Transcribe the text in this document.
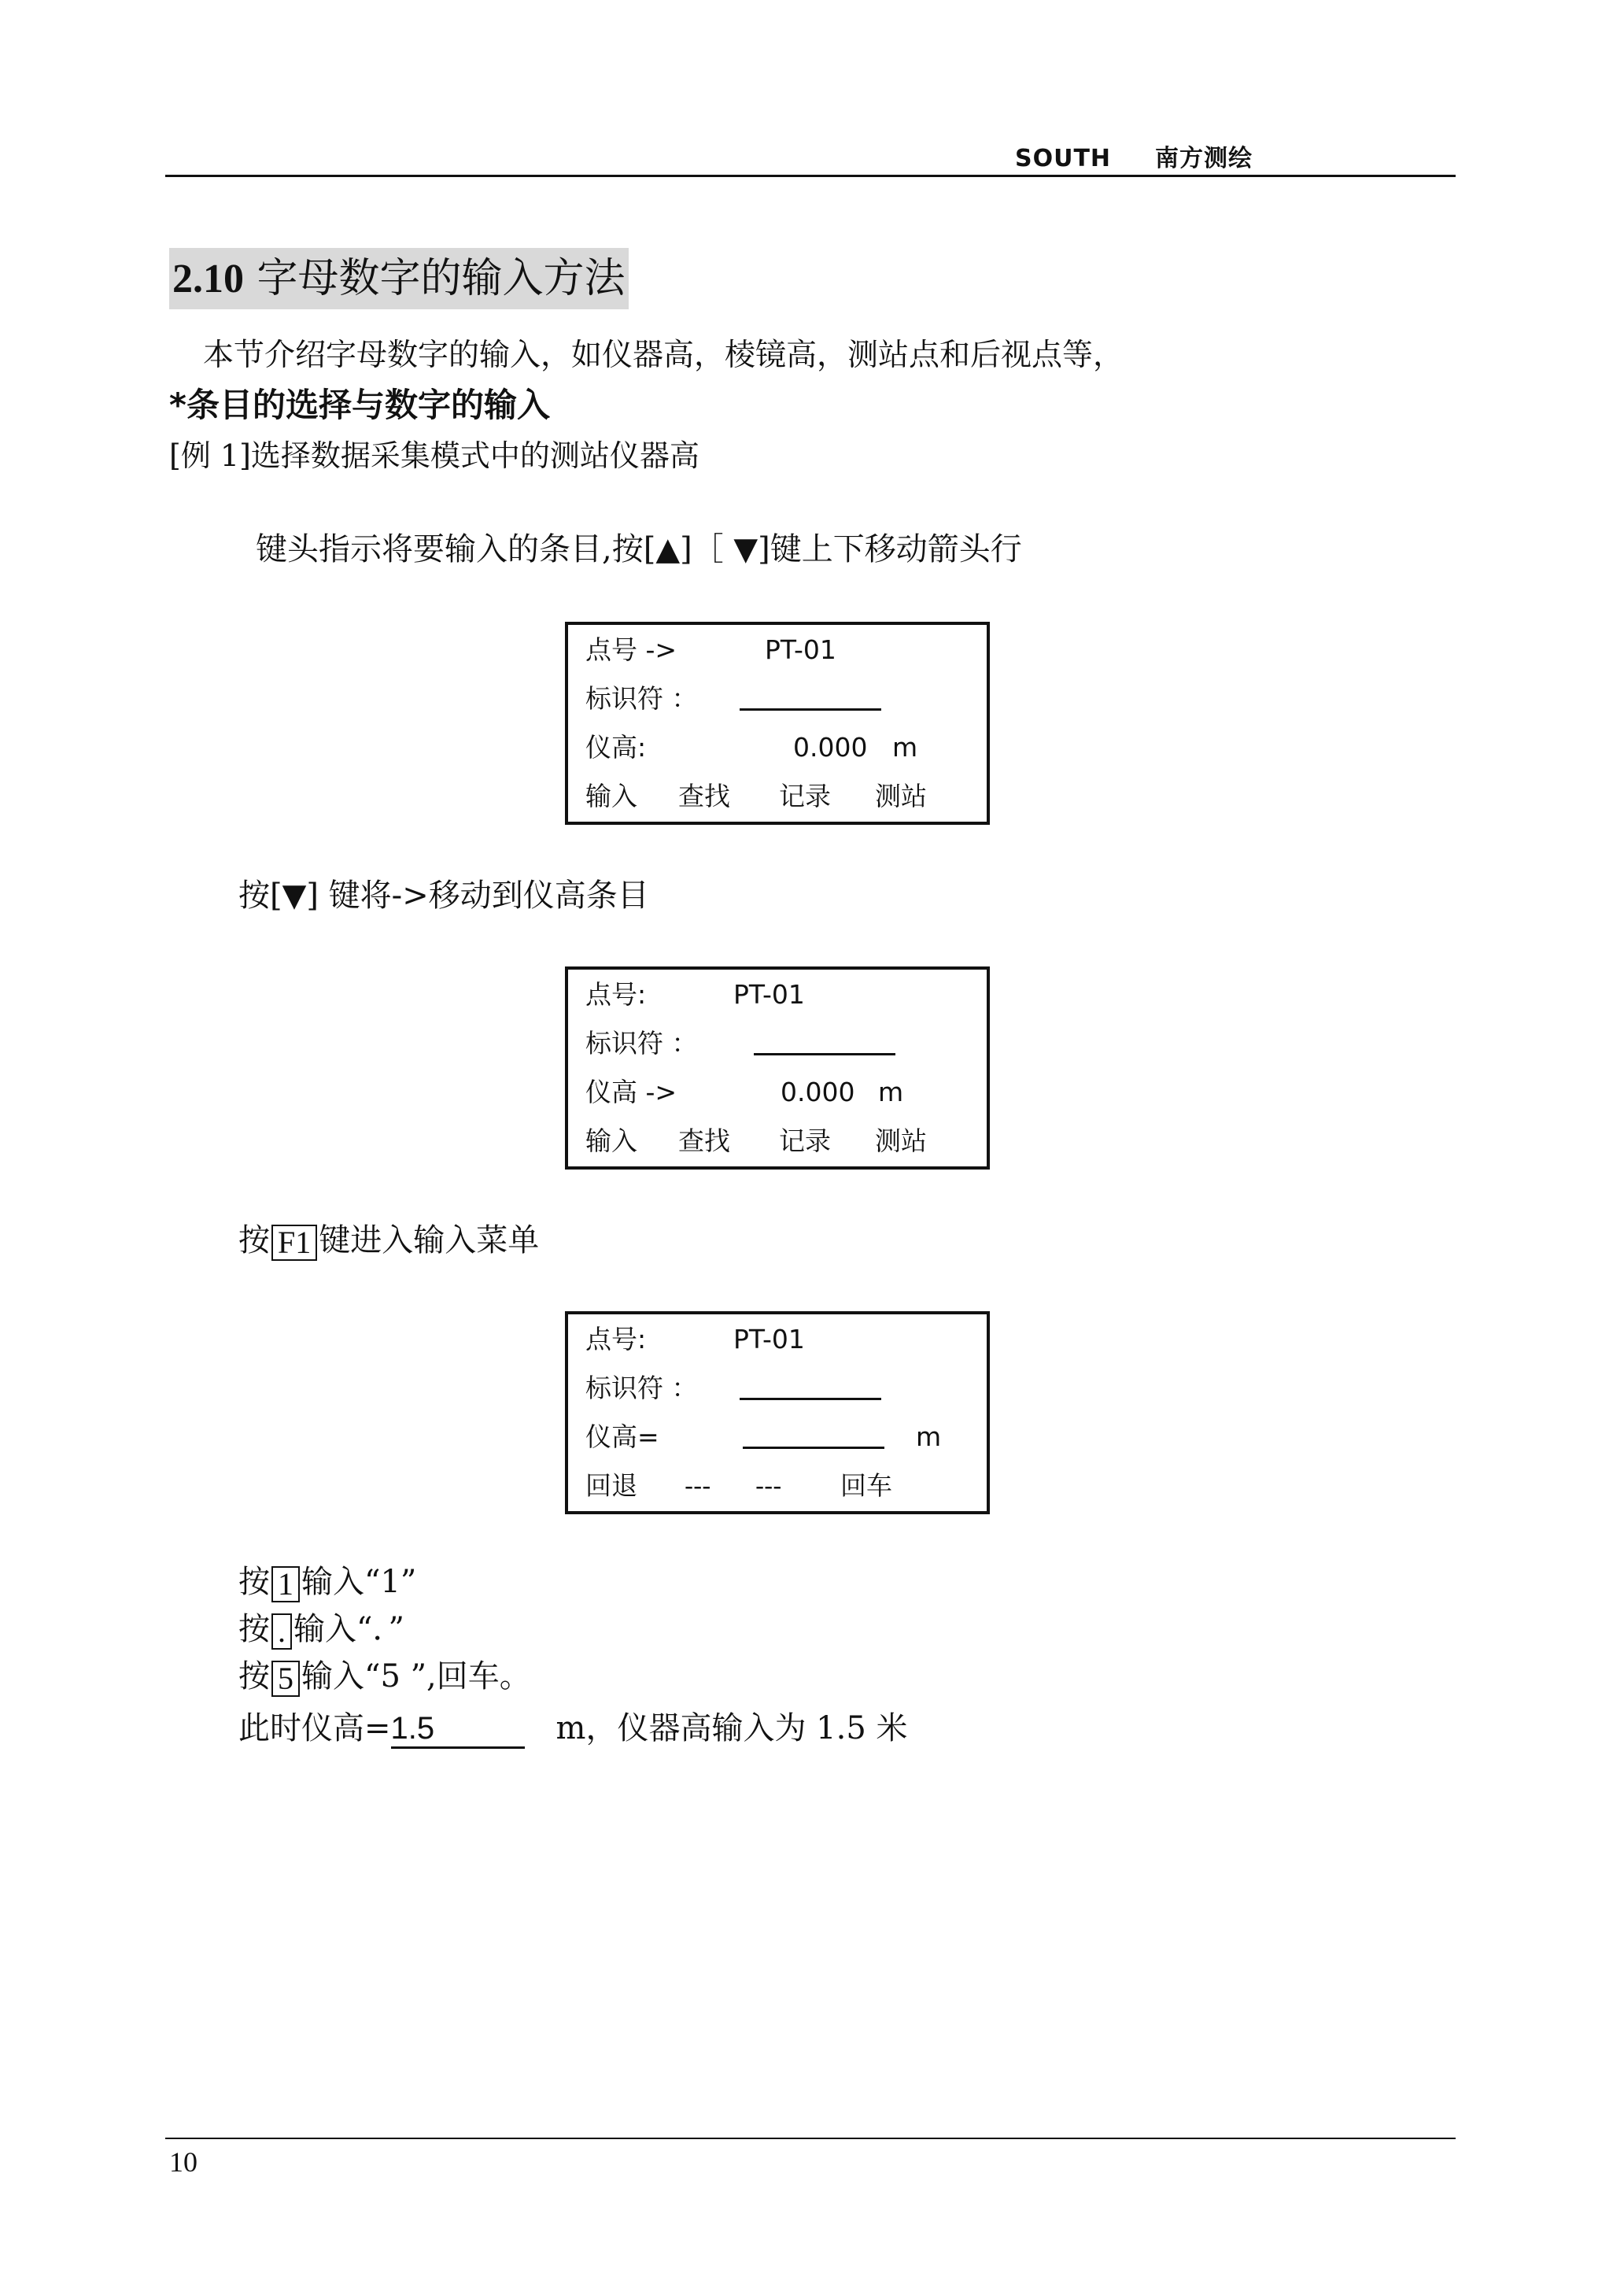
SOUTH 南方测绘
2.10 字母数字的输入方法
本节介绍字母数字的输入，如仪器高，棱镜高，测站点和后视点等，
*条目的选择与数字的输入
[例 1]选择数据采集模式中的测站仪器高
键头指示将要输入的条目,按[▲]［ ▼]键上下移动箭头行
点号 ->	PT-01
标识符 ：
仪高:	0.000 m
输入 查找 记录 测站
按[▼] 键将->移动到仪高条目
点号:	PT-01
标识符 ：
仪高 ->	0.000 m
输入 查找 记录 测站
按 F1 键进入输入菜单
点号:	PT-01
标识符 ：
仪高=	m
回退 --- --- 回车
按 1 输入“1”
按 . 输入“．”
按 5 输入“5 ”,回车。
此时仪高=1.5	m，仪器高输入为 1.5 米
10
